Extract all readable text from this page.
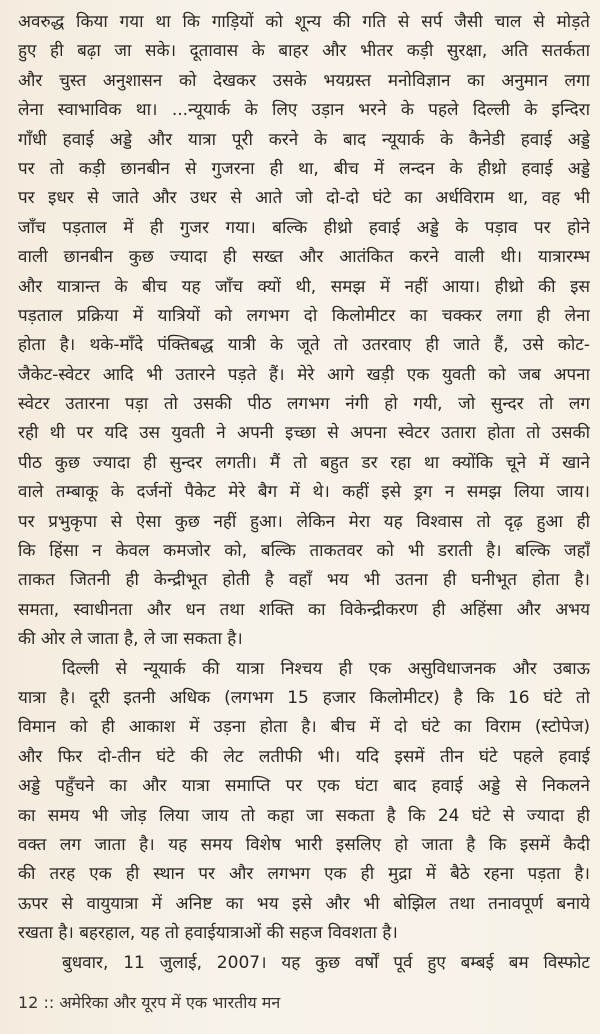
अवरुद्ध किया गया था कि गाड़ियों को शून्य की गति से सर्प जैसी चाल से मोड़ते
हुए ही बढ़ा जा सके। दूतावास के बाहर और भीतर कड़ी सुरक्षा, अति सतर्कता
और चुस्त अनुशासन को देखकर उसके भयग्रस्त मनोविज्ञान का अनुमान लगा
लेना स्वाभाविक था। ...न्यूयार्क के लिए उड़ान भरने के पहले दिल्ली के इन्दिरा
गाँधी हवाई अड्डे और यात्रा पूरी करने के बाद न्यूयार्क के कैनेडी हवाई अड्डे
पर तो कड़ी छानबीन से गुजरना ही था, बीच में लन्दन के हीथ्रो हवाई अड्डे
पर इधर से जाते और उधर से आते जो दो-दो घंटे का अर्धविराम था, वह भी
जाँच पड़ताल में ही गुजर गया। बल्कि हीथ्रो हवाई अड्डे के पड़ाव पर होने
वाली छानबीन कुछ ज्यादा ही सख्त और आतंकित करने वाली थी। यात्रारम्भ
और यात्रान्त के बीच यह जाँच क्यों थी, समझ में नहीं आया। हीथ्रो की इस
पड़ताल प्रक्रिया में यात्रियों को लगभग दो किलोमीटर का चक्कर लगा ही लेना
होता है। थके-माँदे पंक्तिबद्ध यात्री के जूते तो उतरवाए ही जाते हैं, उसे कोट-
जैकेट-स्वेटर आदि भी उतारने पड़ते हैं। मेरे आगे खड़ी एक युवती को जब अपना
स्वेटर उतारना पड़ा तो उसकी पीठ लगभग नंगी हो गयी, जो सुन्दर तो लग
रही थी पर यदि उस युवती ने अपनी इच्छा से अपना स्वेटर उतारा होता तो उसकी
पीठ कुछ ज्यादा ही सुन्दर लगती। मैं तो बहुत डर रहा था क्योंकि चूने में खाने
वाले तम्बाकू के दर्जनों पैकेट मेरे बैग में थे। कहीं इसे ड्रग न समझ लिया जाय।
पर प्रभुकृपा से ऐसा कुछ नहीं हुआ। लेकिन मेरा यह विश्वास तो दृढ़ हुआ ही
कि हिंसा न केवल कमजोर को, बल्कि ताकतवर को भी डराती है। बल्कि जहाँ
ताकत जितनी ही केन्द्रीभूत होती है वहाँ भय भी उतना ही घनीभूत होता है।
समता, स्वाधीनता और धन तथा शक्ति का विकेन्द्रीकरण ही अहिंसा और अभय
की ओर ले जाता है, ले जा सकता है।
दिल्ली से न्यूयार्क की यात्रा निश्चय ही एक असुविधाजनक और उबाऊ
यात्रा है। दूरी इतनी अधिक (लगभग 15 हजार किलोमीटर) है कि 16 घंटे तो
विमान को ही आकाश में उड़ना होता है। बीच में दो घंटे का विराम (स्टोपेज)
और फिर दो-तीन घंटे की लेट लतीफी भी। यदि इसमें तीन घंटे पहले हवाई
अड्डे पहुँचने का और यात्रा समाप्ति पर एक घंटा बाद हवाई अड्डे से निकलने
का समय भी जोड़ लिया जाय तो कहा जा सकता है कि 24 घंटे से ज्यादा ही
वक्त लग जाता है। यह समय विशेष भारी इसलिए हो जाता है कि इसमें कैदी
की तरह एक ही स्थान पर और लगभग एक ही मुद्रा में बैठे रहना पड़ता है।
ऊपर से वायुयात्रा में अनिष्ट का भय इसे और भी बोझिल तथा तनावपूर्ण बनाये
रखता है। बहरहाल, यह तो हवाईयात्राओं की सहज विवशता है।
बुधवार, 11 जुलाई, 2007। यह कुछ वर्षों पूर्व हुए बम्बई बम विस्फोट
12 :: अमेरिका और यूरप में एक भारतीय मन
